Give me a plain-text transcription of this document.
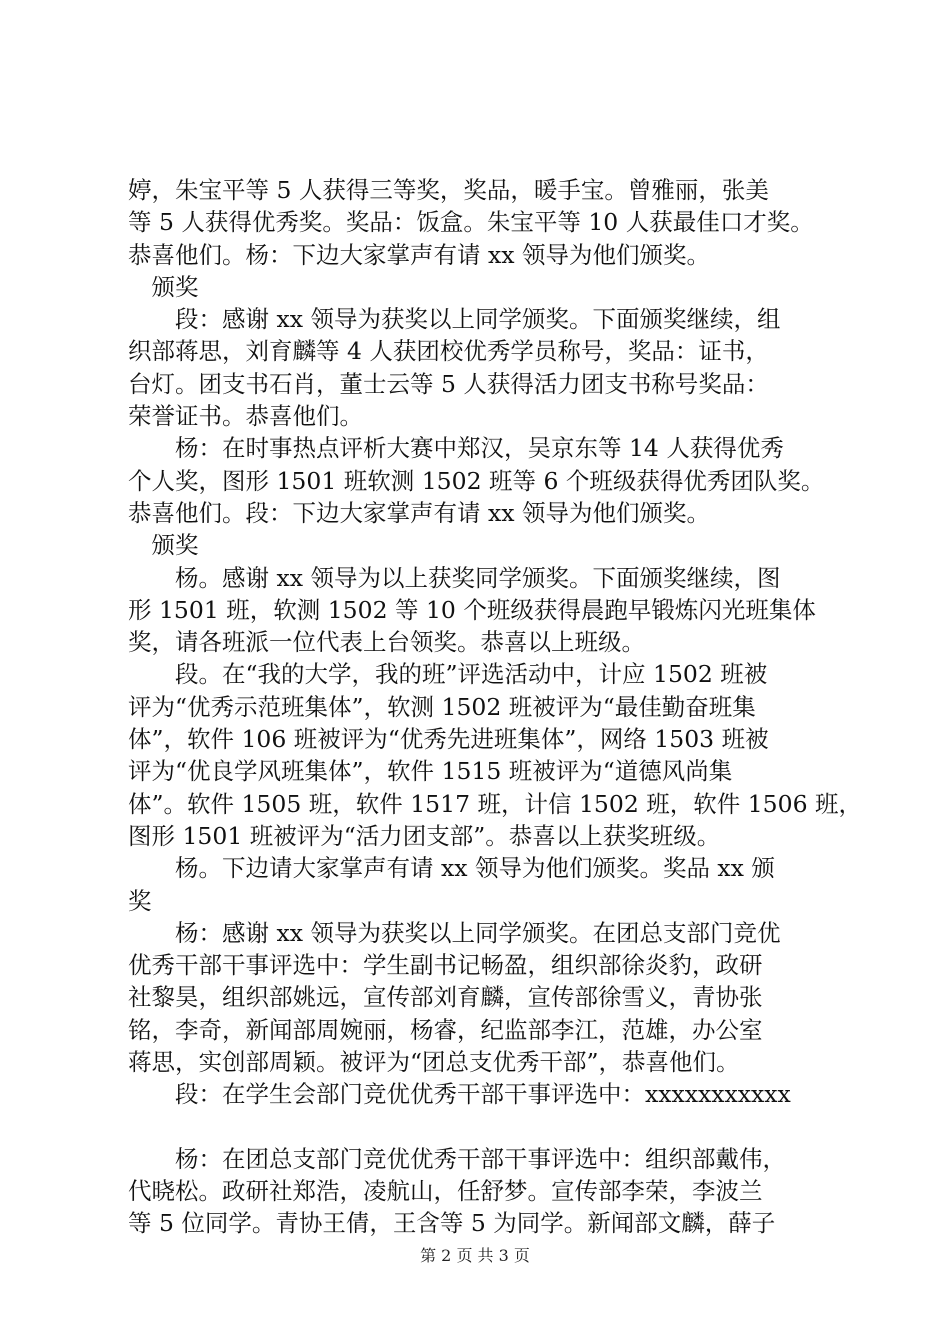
婷，朱宝平等 5 人获得三等奖，奖品，暖手宝。曾雅丽，张美
等 5 人获得优秀奖。奖品：饭盒。朱宝平等 10 人获最佳口才奖。
恭喜他们。杨：下边大家掌声有请 xx 领导为他们颁奖。
　颁奖
　　段：感谢 xx 领导为获奖以上同学颁奖。下面颁奖继续，组
织部蒋思，刘育麟等 4 人获团校优秀学员称号，奖品：证书，
台灯。团支书石肖，董士云等 5 人获得活力团支书称号奖品：
荣誉证书。恭喜他们。
　　杨：在时事热点评析大赛中郑汉，吴京东等 14 人获得优秀
个人奖，图形 1501 班软测 1502 班等 6 个班级获得优秀团队奖。
恭喜他们。段：下边大家掌声有请 xx 领导为他们颁奖。
　颁奖
　　杨。感谢 xx 领导为以上获奖同学颁奖。下面颁奖继续，图
形 1501 班，软测 1502 等 10 个班级获得晨跑早锻炼闪光班集体
奖，请各班派一位代表上台领奖。恭喜以上班级。
　　段。在“我的大学，我的班”评选活动中，计应 1502 班被
评为“优秀示范班集体”，软测 1502 班被评为“最佳勤奋班集
体”，软件 106 班被评为“优秀先进班集体”，网络 1503 班被
评为“优良学风班集体”，软件 1515 班被评为“道德风尚集
体”。软件 1505 班，软件 1517 班，计信 1502 班，软件 1506 班，
图形 1501 班被评为“活力团支部”。恭喜以上获奖班级。
　　杨。下边请大家掌声有请 xx 领导为他们颁奖。奖品 xx 颁
奖
　　杨：感谢 xx 领导为获奖以上同学颁奖。在团总支部门竞优
优秀干部干事评选中：学生副书记畅盈，组织部徐炎豹，政研
社黎昊，组织部姚远，宣传部刘育麟，宣传部徐雪义，青协张
铭，李奇，新闻部周婉丽，杨睿，纪监部李江，范雄，办公室
蒋思，实创部周颖。被评为“团总支优秀干部”，恭喜他们。
　　段：在学生会部门竞优优秀干部干事评选中：xxxxxxxxxxx
　　杨：在团总支部门竞优优秀干部干事评选中：组织部戴伟，
代晓松。政研社郑浩，凌航山，任舒梦。宣传部李荣，李波兰
等 5 位同学。青协王倩，王含等 5 为同学。新闻部文麟，薛子
第 2 页 共 3 页
